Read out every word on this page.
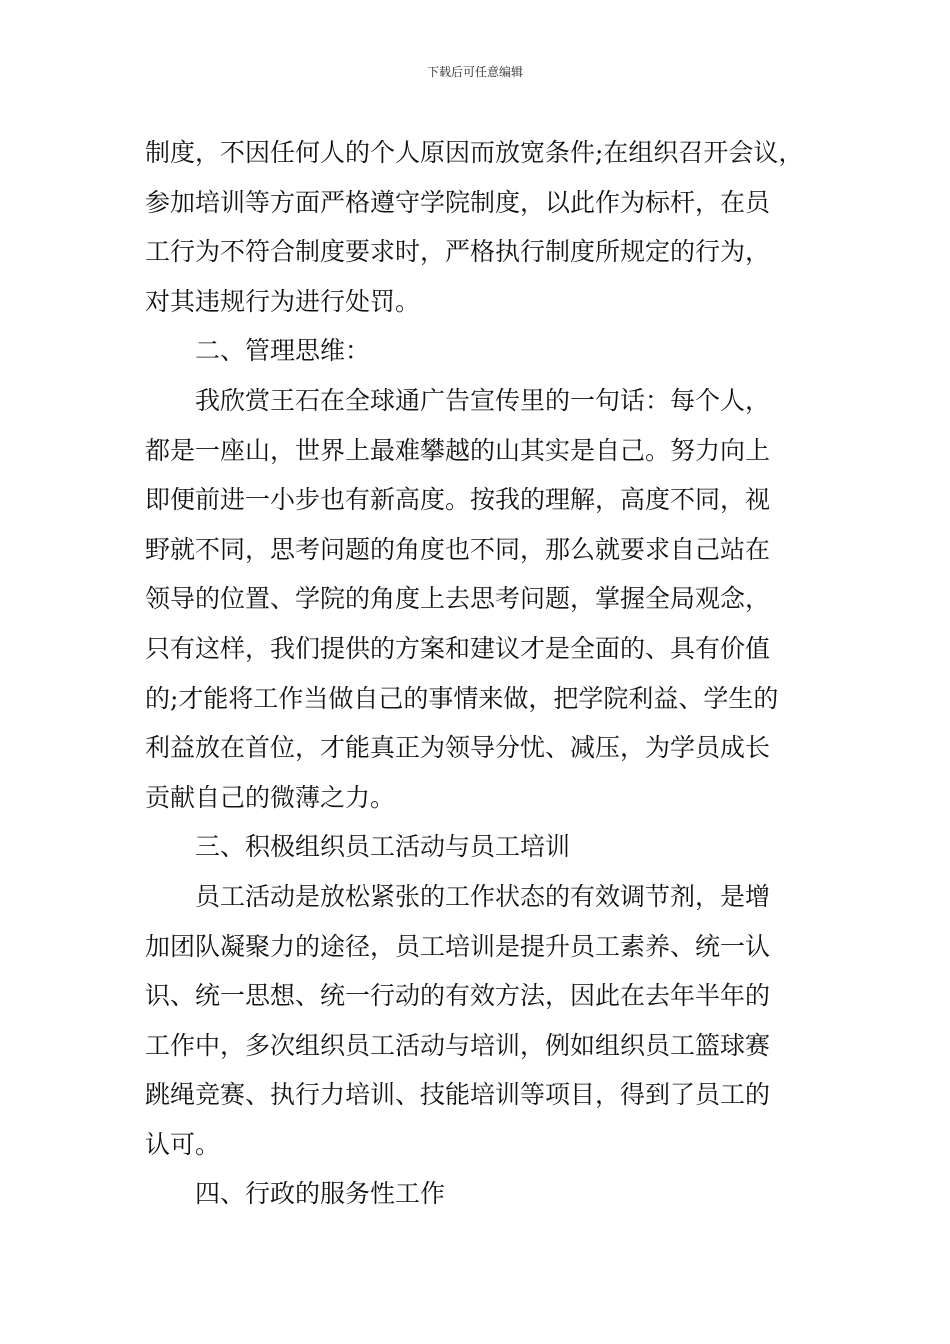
下载后可任意编辑
制度，不因任何人的个人原因而放宽条件;在组织召开会议，
参加培训等方面严格遵守学院制度，以此作为标杆，在员
工行为不符合制度要求时，严格执行制度所规定的行为，
对其违规行为进行处罚。
二、管理思维：
我欣赏王石在全球通广告宣传里的一句话：每个人，
都是一座山，世界上最难攀越的山其实是自己。努力向上
即便前进一小步也有新高度。按我的理解，高度不同，视
野就不同，思考问题的角度也不同，那么就要求自己站在
领导的位置、学院的角度上去思考问题，掌握全局观念，
只有这样，我们提供的方案和建议才是全面的、具有价值
的;才能将工作当做自己的事情来做，把学院利益、学生的
利益放在首位，才能真正为领导分忧、减压，为学员成长
贡献自己的微薄之力。
三、积极组织员工活动与员工培训
员工活动是放松紧张的工作状态的有效调节剂，是增
加团队凝聚力的途径，员工培训是提升员工素养、统一认
识、统一思想、统一行动的有效方法，因此在去年半年的
工作中，多次组织员工活动与培训，例如组织员工篮球赛
跳绳竞赛、执行力培训、技能培训等项目，得到了员工的
认可。
四、行政的服务性工作
